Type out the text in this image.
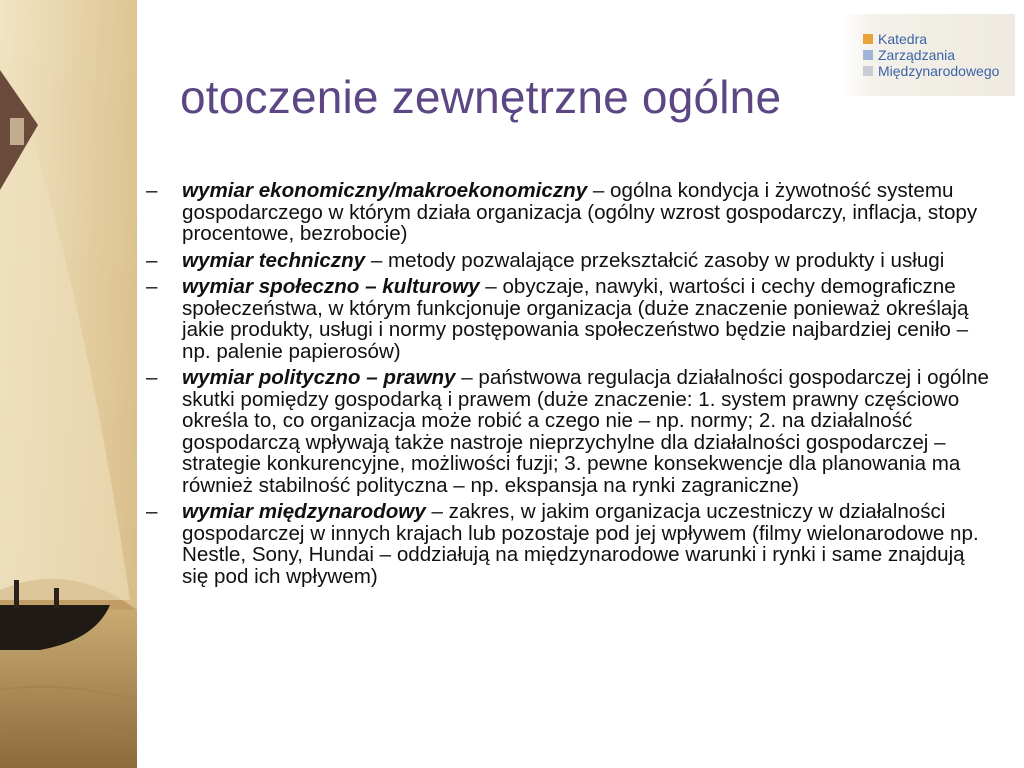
Katedra
Zarządzania
Międzynarodowego
otoczenie zewnętrzne ogólne
– wymiar ekonomiczny/makroekonomiczny – ogólna kondycja i żywotność systemu gospodarczego w którym działa organizacja (ogólny wzrost gospodarczy, inflacja, stopy procentowe, bezrobocie)
– wymiar techniczny – metody pozwalające przekształcić zasoby w produkty i usługi
– wymiar społeczno – kulturowy – obyczaje, nawyki, wartości i cechy demograficzne społeczeństwa, w którym funkcjonuje organizacja (duże znaczenie ponieważ określają jakie produkty, usługi i normy postępowania społeczeństwo będzie najbardziej ceniło – np. palenie papierosów)
– wymiar polityczno – prawny – państwowa regulacja działalności gospodarczej i ogólne skutki pomiędzy gospodarką i prawem (duże znaczenie: 1. system prawny częściowo określa to, co organizacja może robić a czego nie – np. normy; 2. na działalność gospodarczą wpływają także nastroje nieprzychylne dla działalności gospodarczej – strategie konkurencyjne, możliwości fuzji; 3. pewne konsekwencje dla planowania ma również stabilność polityczna – np. ekspansja na rynki zagraniczne)
– wymiar międzynarodowy – zakres, w jakim organizacja uczestniczy w działalności gospodarczej w innych krajach lub pozostaje pod jej wpływem (filmy wielonarodowe np. Nestle, Sony, Hundai – oddziałują na międzynarodowe warunki i rynki i same znajdują się pod ich wpływem)
